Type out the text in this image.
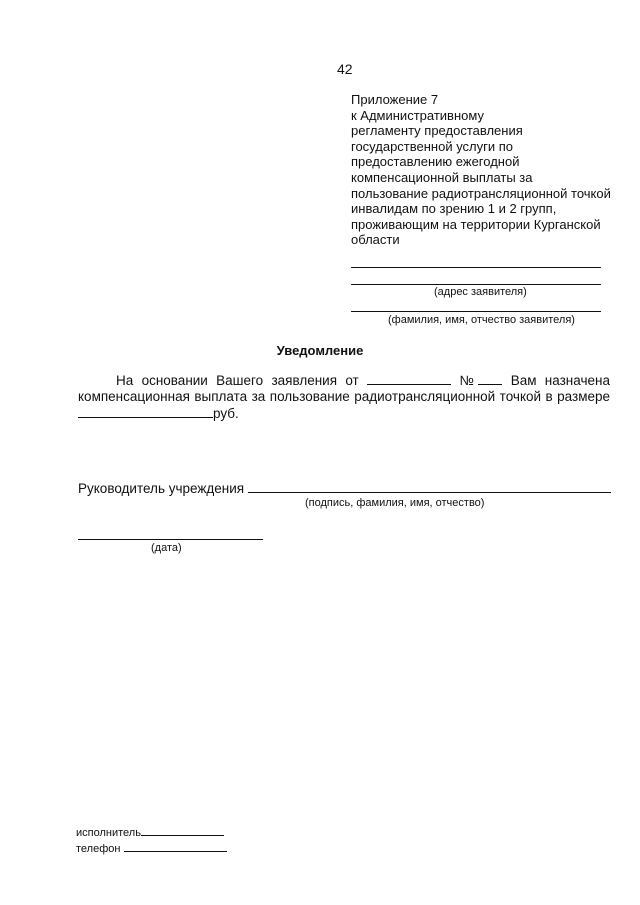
42
Приложение 7
к Административному
регламенту предоставления
государственной услуги по
предоставлению ежегодной
компенсационной выплаты за
пользование радиотрансляционной точкой
инвалидам по зрению 1 и 2 групп,
проживающим на территории Курганской
области
(адрес заявителя)
(фамилия, имя, отчество заявителя)
Уведомление
На основании Вашего заявления от	№ Вам назначена
компенсационная выплата за пользование радиотрансляционной точкой в размере
руб.
Руководитель учреждения
(подпись, фамилия, имя, отчество)
(дата)
исполнитель
телефон
